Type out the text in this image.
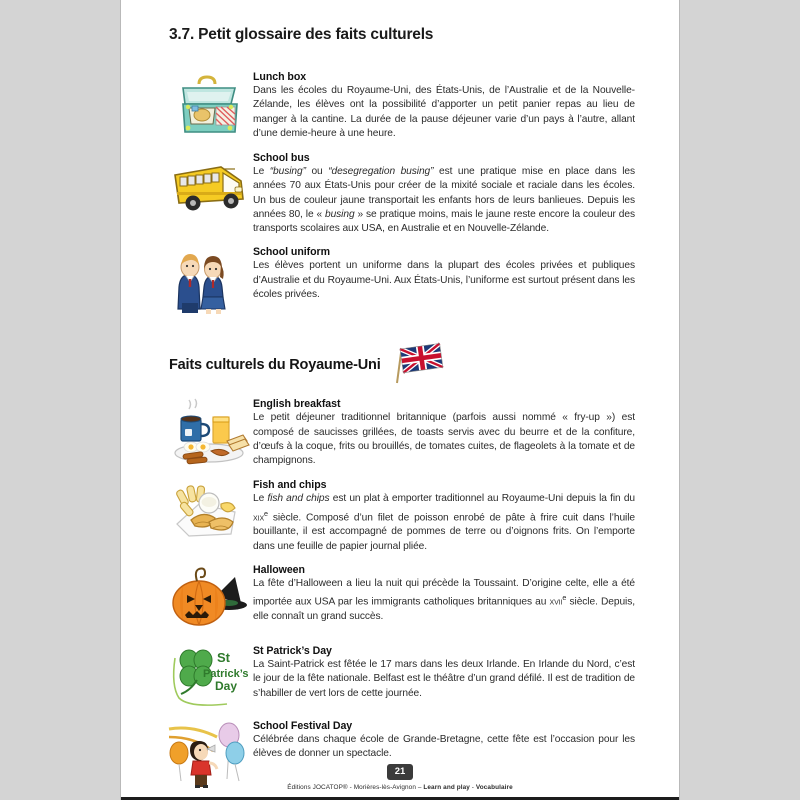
3.7. Petit glossaire des faits culturels
Lunch box
Dans les écoles du Royaume-Uni, des États-Unis, de l’Australie et de la Nouvelle-Zélande, les élèves ont la possibilité d’apporter un petit panier repas au lieu de manger à la cantine. La durée de la pause déjeuner varie d’un pays à l’autre, allant d’une demie-heure à une heure.
School bus
Le “busing” ou “desegregation busing” est une pratique mise en place dans les années 70 aux États-Unis pour créer de la mixité sociale et raciale dans les écoles. Un bus de couleur jaune transportait les enfants hors de leurs banlieues. Depuis les années 80, le « busing » se pratique moins, mais le jaune reste encore la couleur des transports scolaires aux USA, en Australie et en Nouvelle-Zélande.
School uniform
Les élèves portent un uniforme dans la plupart des écoles privées et publiques d’Australie et du Royaume-Uni. Aux États-Unis, l’uniforme est surtout présent dans les écoles privées.
Faits culturels du Royaume-Uni
English breakfast
Le petit déjeuner traditionnel britannique (parfois aussi nommé « fry-up ») est composé de saucisses grillées, de toasts servis avec du beurre et de la confiture, d’œufs à la coque, frits ou brouillés, de tomates cuites, de flageolets à la tomate et de champignons.
Fish and chips
Le fish and chips est un plat à emporter traditionnel au Royaume-Uni depuis la fin du xix$^e$ siècle. Composé d’un filet de poisson enrobé de pâte à frire cuit dans l’huile bouillante, il est accompagné de pommes de terre ou d’oignons frits. On l’emporte dans une feuille de papier journal pliée.
Halloween
La fête d’Halloween a lieu la nuit qui précède la Toussaint. D’origine celte, elle a été importée aux USA par les immigrants catholiques britanniques au xvii$^e$ siècle. Depuis, elle connaît un grand succès.
St
Patrick’s
Day
St Patrick’s Day
La Saint-Patrick est fêtée le 17 mars dans les deux Irlande. En Irlande du Nord, c’est le jour de la fête nationale. Belfast est le théâtre d’un grand défilé. Il est de tradition de s’habiller de vert lors de cette journée.
School Festival Day
Célébrée dans chaque école de Grande-Bretagne, cette fête est l’occasion pour les élèves de donner un spectacle.
21
Éditions JOCATOP® - Morières-lès-Avignon – Learn and play - Vocabulaire
